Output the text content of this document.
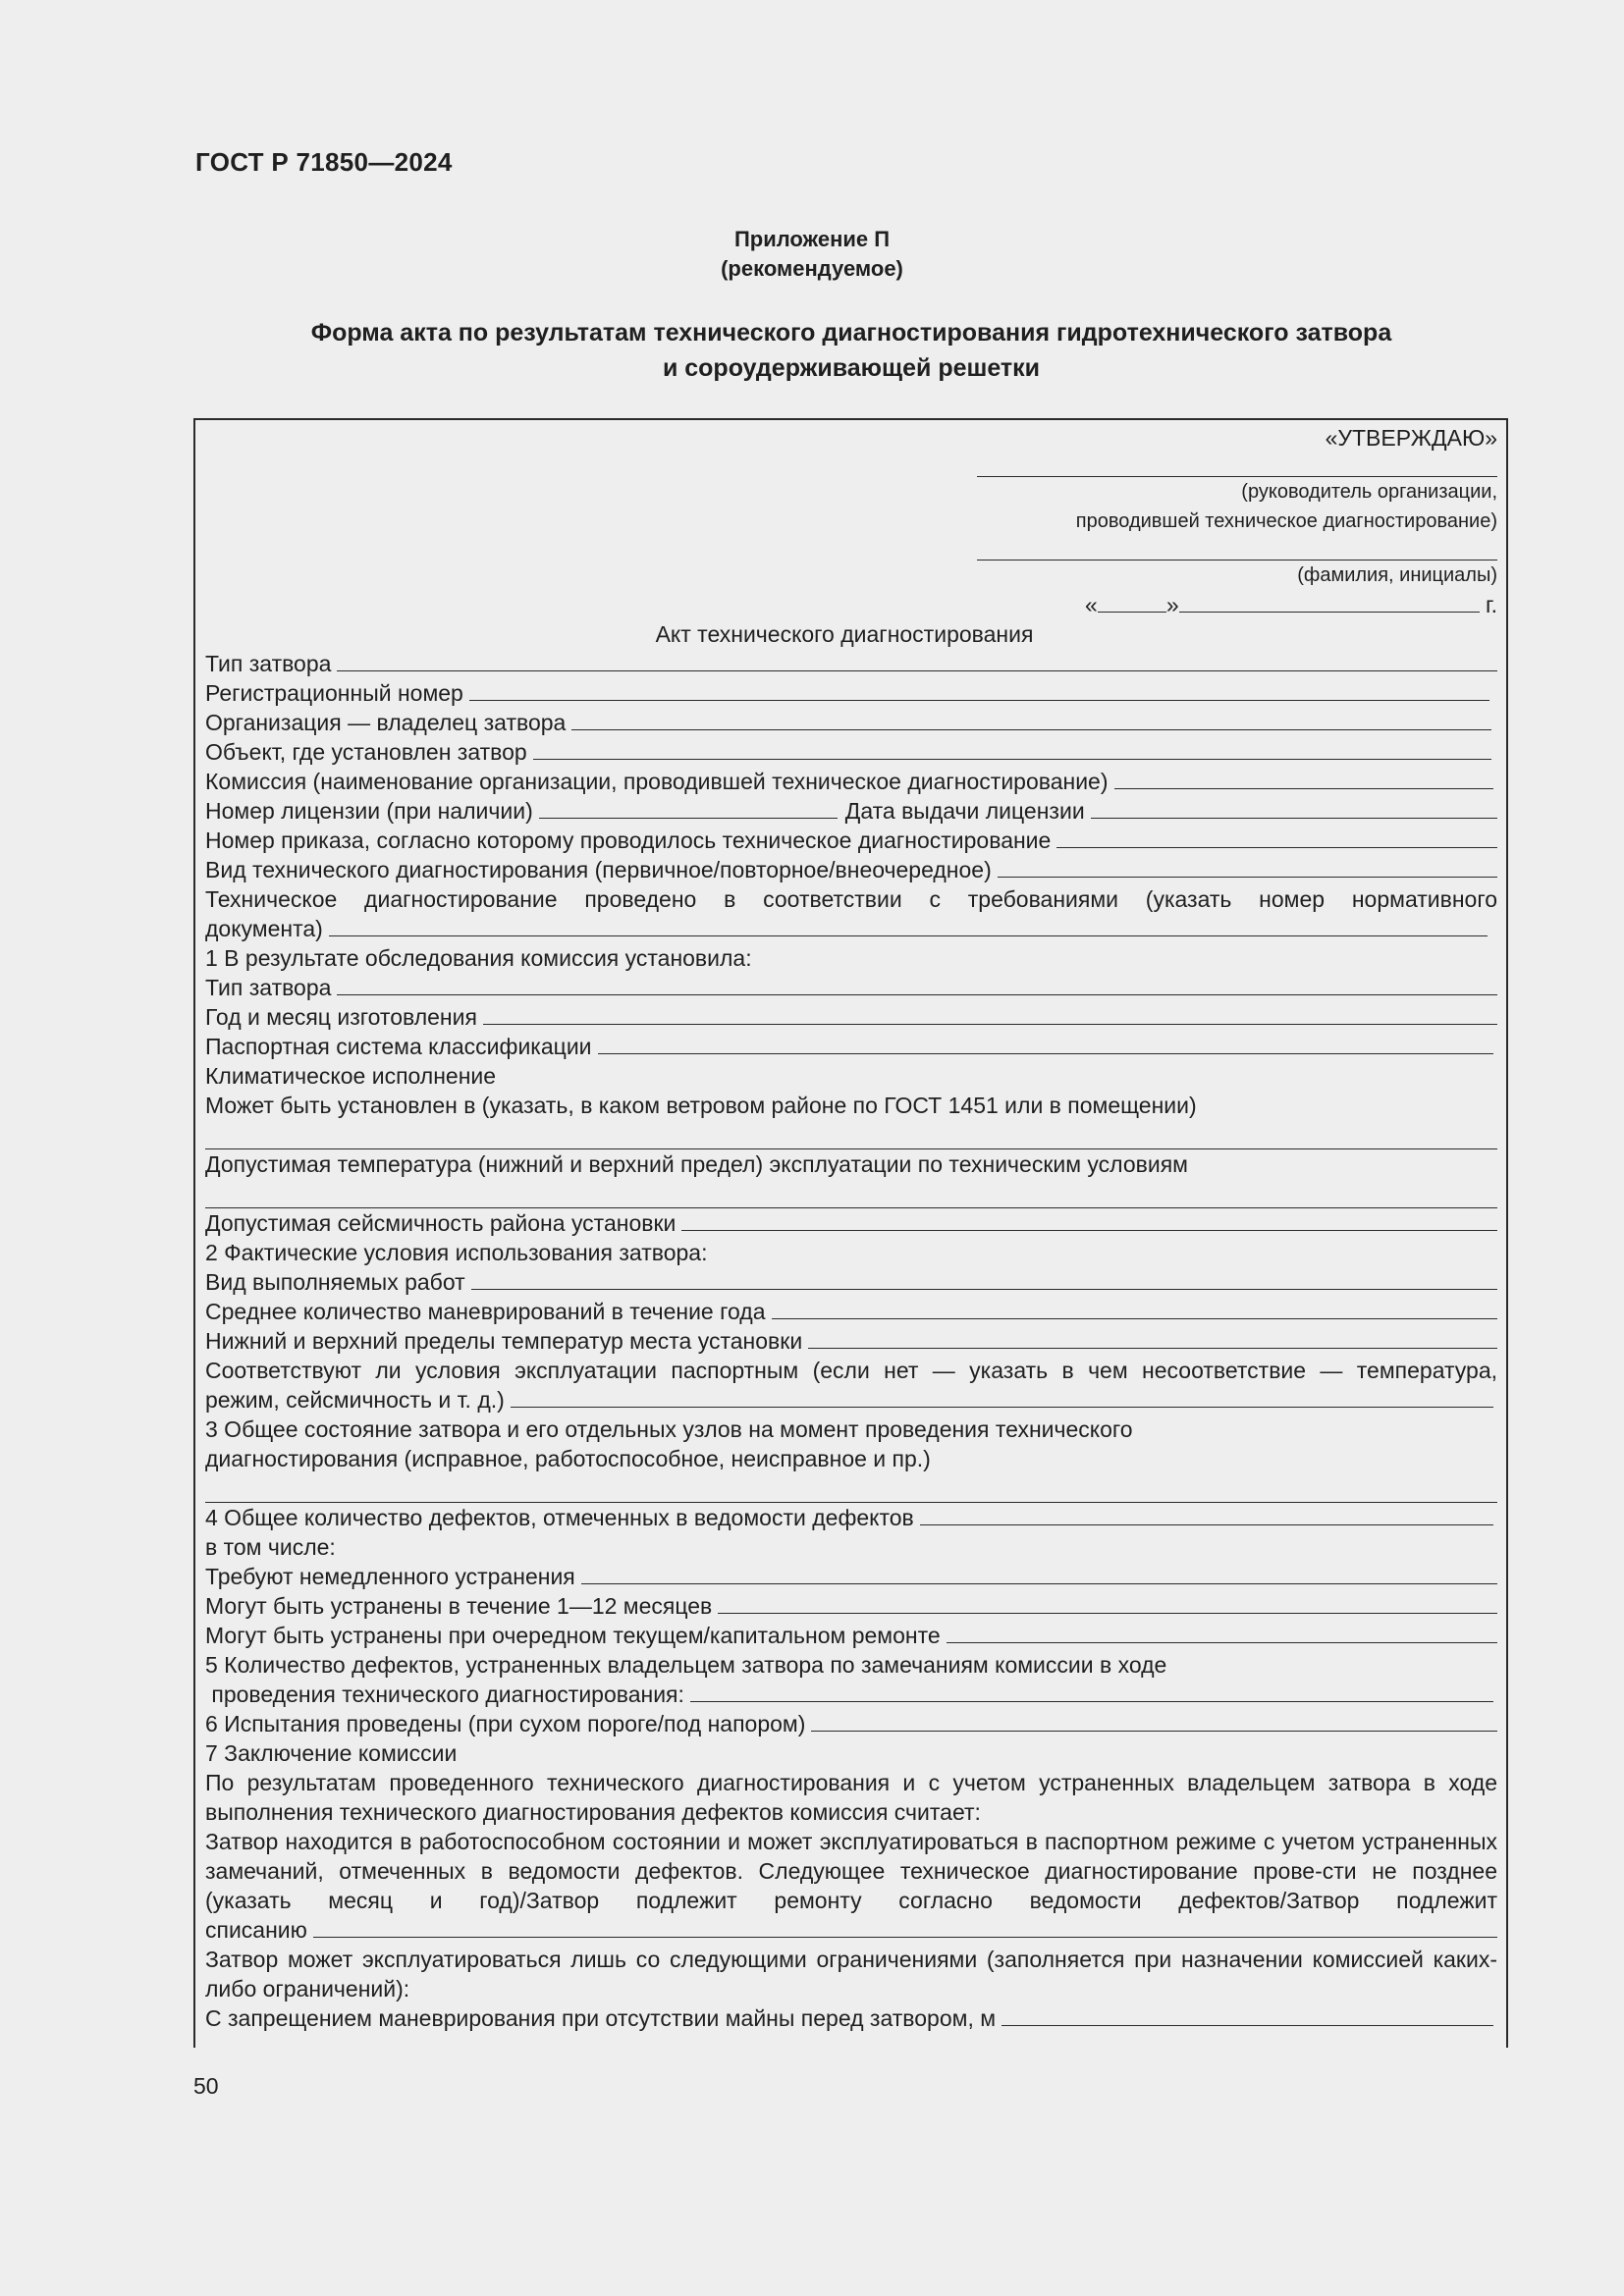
ГОСТ Р 71850—2024
Приложение П
(рекомендуемое)
Форма акта по результатам технического диагностирования гидротехнического затвора
и сороудерживающей решетки
«УТВЕРЖДАЮ»
(руководитель организации,
проводившей техническое диагностирование)
(фамилия, инициалы)
«	»	г.
Акт технического диагностирования
Тип затвора
Регистрационный номер
Организация — владелец затвора
Объект, где установлен затвор
Комиссия (наименование организации, проводившей техническое диагностирование)
Номер лицензии (при наличии)	Дата выдачи лицензии
Номер приказа, согласно которому проводилось техническое диагностирование
Вид технического диагностирования (первичное/повторное/внеочередное)
Техническое диагностирование проведено в соответствии с требованиями (указать номер нормативного
документа)
1 В результате обследования комиссия установила:
Тип затвора
Год и месяц изготовления
Паспортная система классификации
Климатическое исполнение
Может быть установлен в (указать, в каком ветровом районе по ГОСТ 1451 или в помещении)
Допустимая температура (нижний и верхний предел) эксплуатации по техническим условиям
Допустимая сейсмичность района установки
2 Фактические условия использования затвора:
Вид выполняемых работ
Среднее количество маневрирований в течение года
Нижний и верхний пределы температур места установки
Соответствуют ли условия эксплуатации паспортным (если нет — указать в чем несоответствие — температура,
режим, сейсмичность и т. д.)
3 Общее состояние затвора и его отдельных узлов на момент проведения технического
диагностирования (исправное, работоспособное, неисправное и пр.)
4 Общее количество дефектов, отмеченных в ведомости дефектов
в том числе:
Требуют немедленного устранения
Могут быть устранены в течение 1—12 месяцев
Могут быть устранены при очередном текущем/капитальном ремонте
5 Количество дефектов, устраненных владельцем затвора по замечаниям комиссии в ходе
проведения технического диагностирования:
6 Испытания проведены (при сухом пороге/под напором)
7 Заключение комиссии
По результатам проведенного технического диагностирования и с учетом устраненных владельцем затвора в ходе выполнения технического диагностирования дефектов комиссия считает:
Затвор находится в работоспособном состоянии и может эксплуатироваться в паспортном режиме с учетом устраненных замечаний, отмеченных в ведомости дефектов. Следующее техническое диагностирование прове-сти не позднее (указать месяц и год)/Затвор подлежит ремонту согласно ведомости дефектов/Затвор подлежит
списанию
Затвор может эксплуатироваться лишь со следующими ограничениями (заполняется при назначении комиссией каких-либо ограничений):
С запрещением маневрирования при отсутствии майны перед затвором, м
50
